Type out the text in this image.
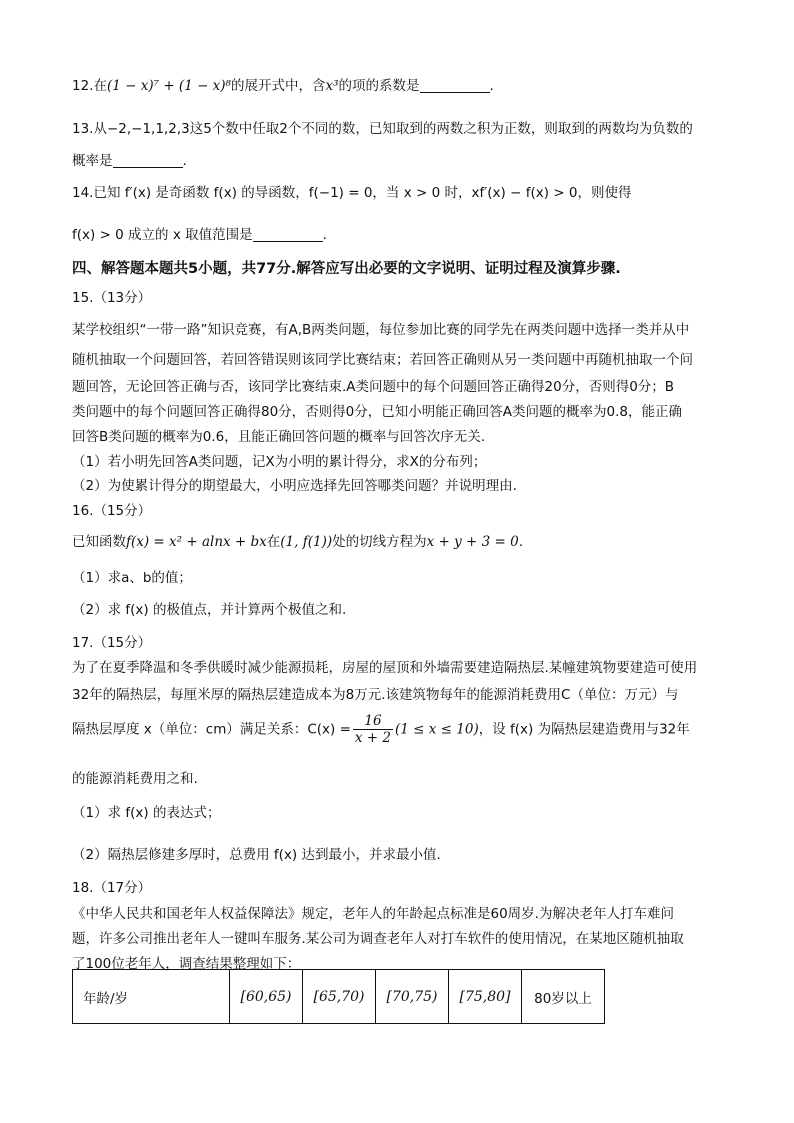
12.在(1 − x)⁷ + (1 − x)⁸的展开式中，含x³的项的系数是	.
13.从−2,−1,1,2,3这5个数中任取2个不同的数，已知取到的两数之积为正数，则取到的两数均为负数的
概率是	.
14.已知 f′(x) 是奇函数 f(x) 的导函数，f(−1) = 0，当 x > 0 时，xf′(x) − f(x) > 0，则使得
f(x) > 0 成立的 x 取值范围是	.
四、解答题本题共5小题，共77分.解答应写出必要的文字说明、证明过程及演算步骤.
15.（13分）
某学校组织“一带一路”知识竞赛，有A,B两类问题，每位参加比赛的同学先在两类问题中选择一类并从中
随机抽取一个问题回答，若回答错误则该同学比赛结束；若回答正确则从另一类问题中再随机抽取一个问
题回答，无论回答正确与否，该同学比赛结束.A类问题中的每个问题回答正确得20分，否则得0分；B
类问题中的每个问题回答正确得80分，否则得0分，已知小明能正确回答A类问题的概率为0.8，能正确
回答B类问题的概率为0.6，且能正确回答问题的概率与回答次序无关.
（1）若小明先回答A类问题，记X为小明的累计得分，求X的分布列；
（2）为使累计得分的期望最大，小明应选择先回答哪类问题？并说明理由.
16.（15分）
已知函数f(x) = x² + alnx + bx在(1, f(1))处的切线方程为x + y + 3 = 0.
（1）求a、b的值；
（2）求 f(x) 的极值点，并计算两个极值之和.
17.（15分）
为了在夏季降温和冬季供暖时减少能源损耗，房屋的屋顶和外墙需要建造隔热层.某幢建筑物要建造可使用
32年的隔热层，每厘米厚的隔热层建造成本为8万元.该建筑物每年的能源消耗费用C（单位：万元）与
隔热层厚度 x（单位：cm）满足关系：$C(x) = \frac{16}{x + 2} (1 \le x \le 10)$，设 f(x) 为隔热层建造费用与32年
的能源消耗费用之和.
（1）求 f(x) 的表达式；
（2）隔热层修建多厚时，总费用 f(x) 达到最小，并求最小值.
18.（17分）
《中华人民共和国老年人权益保障法》规定，老年人的年龄起点标准是60周岁.为解决老年人打车难问
题，许多公司推出老年人一键叫车服务.某公司为调查老年人对打车软件的使用情况，在某地区随机抽取
了100位老年人，调查结果整理如下：
年龄/岁	[60,65)	[65,70)	[70,75)	[75,80]	80岁以上
